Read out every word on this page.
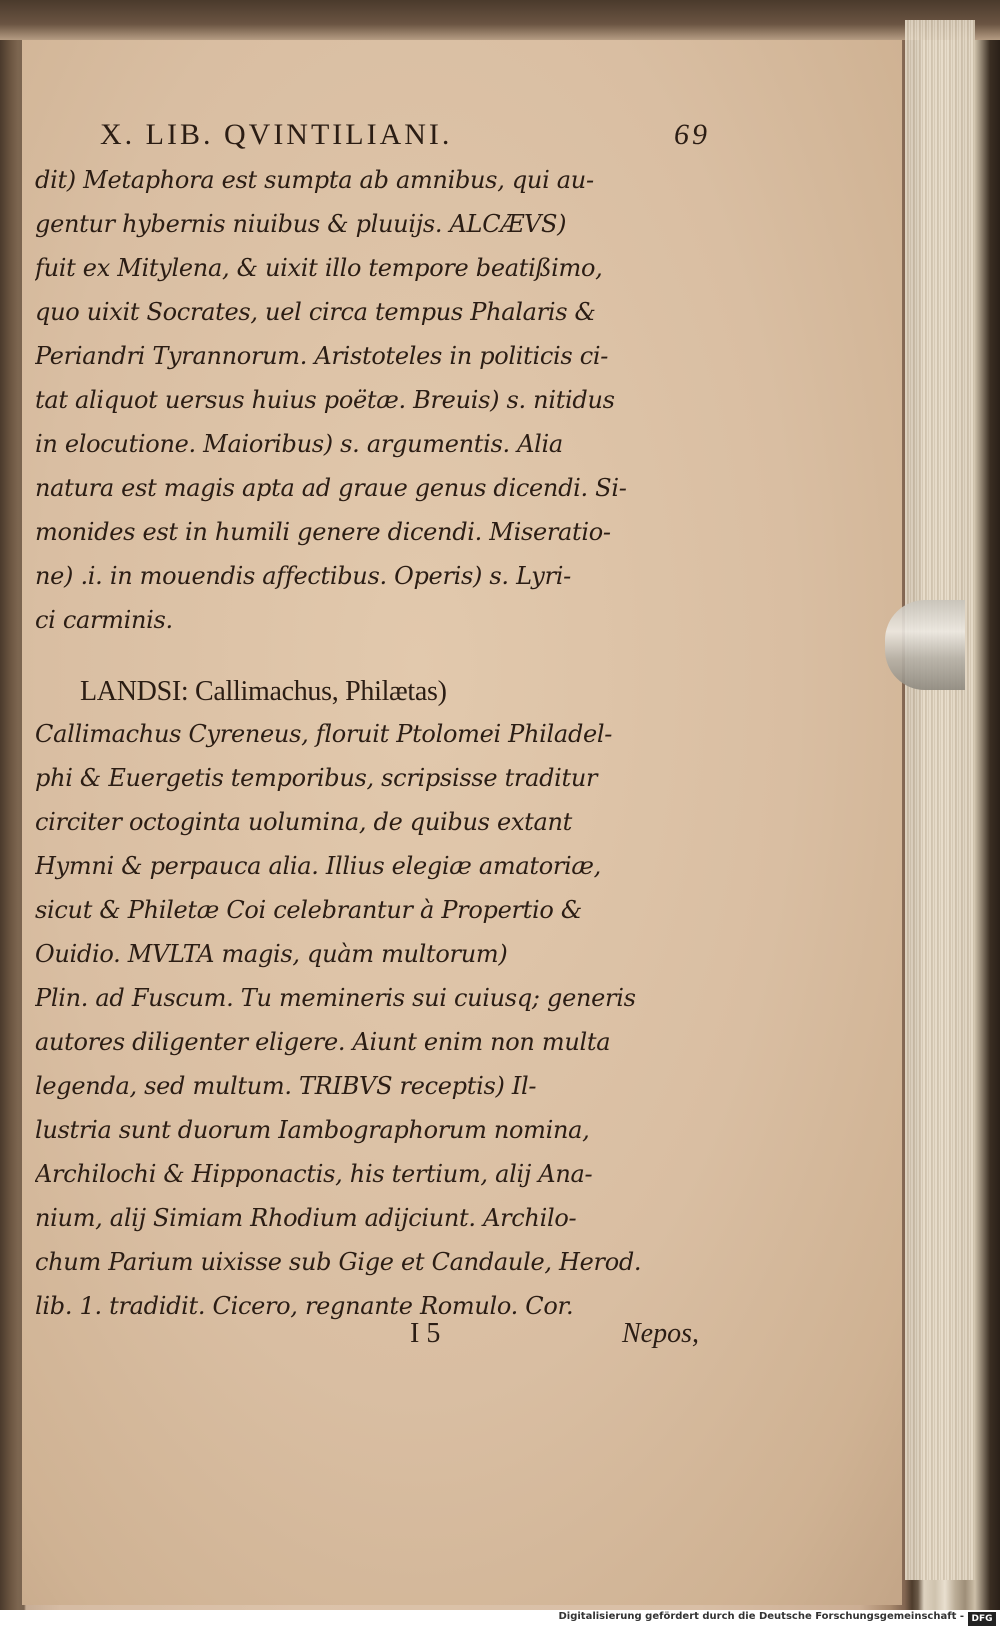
X. LIB. QVINTILIANI.	69
dit) Metaphora est sumpta ab amnibus, qui au-
gentur hybernis niuibus & pluuijs. ALCÆVS)
fuit ex Mitylena, & uixit illo tempore beatißimo,
quo uixit Socrates, uel circa tempus Phalaris &
Periandri Tyrannorum. Aristoteles in politicis ci-
tat aliquot uersus huius poëtæ. Breuis) s. nitidus
in elocutione. Maioribus) s. argumentis. Alia
natura est magis apta ad graue genus dicendi. Si-
monides est in humili genere dicendi. Miseratio-
ne) .i. in mouendis affectibus. Operis) s. Lyri-
ci carminis.
LANDSI: Callimachus, Philætas)
Callimachus Cyreneus, floruit Ptolomei Philadel-
phi & Euergetis temporibus, scripsisse traditur
circiter octoginta uolumina, de quibus extant
Hymni & perpauca alia. Illius elegiæ amatoriæ,
sicut & Philetæ Coi celebrantur à Propertio &
Ouidio. MVLTA magis, quàm multorum)
Plin. ad Fuscum. Tu memineris sui cuiusq; generis
autores diligenter eligere. Aiunt enim non multa
legenda, sed multum. TRIBVS receptis) Il-
lustria sunt duorum Iambographorum nomina,
Archilochi & Hipponactis, his tertium, alij Ana-
nium, alij Simiam Rhodium adijciunt. Archilo-
chum Parium uixisse sub Gige et Candaule, Herod.
lib. 1. tradidit. Cicero, regnante Romulo. Cor.
I 5	Nepos,
Digitalisierung gefördert durch die Deutsche Forschungsgemeinschaft - DFG
